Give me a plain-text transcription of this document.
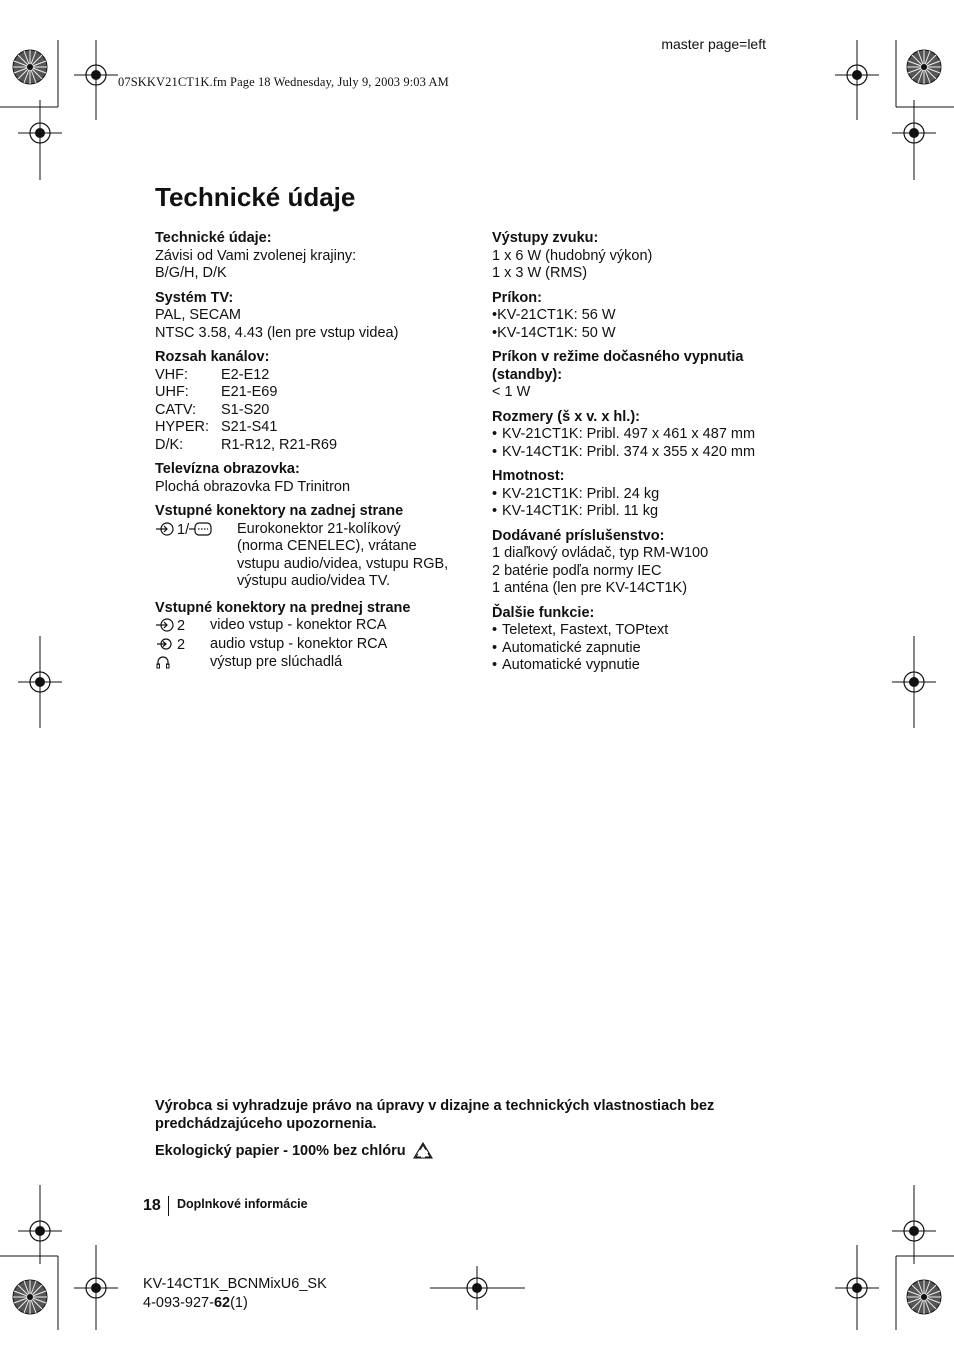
master page=left
07SKKV21CT1K.fm Page 18 Wednesday, July 9, 2003 9:03 AM
Technické údaje
Technické údaje:
Závisi od Vami zvolenej krajiny:
B/G/H, D/K
Systém TV:
PAL, SECAM
NTSC 3.58, 4.43 (len pre vstup videa)
Rozsah kanálov:
VHF:	E2-E12
UHF:	E21-E69
CATV:	S1-S20
HYPER: S21-S41
D/K:	R1-R12, R21-R69
Televízna obrazovka:
Plochá obrazovka FD Trinitron
Vstupné konektory na zadnej strane
1/	Eurokonektor 21-kolíkový
(norma CENELEC), vrátane
vstupu audio/videa, vstupu RGB,
výstupu audio/videa TV.
Vstupné konektory na prednej strane
2	video vstup - konektor RCA
2	audio vstup - konektor RCA
výstup pre slúchadlá
Výstupy zvuku:
1 x 6 W (hudobný výkon)
1 x 3 W (RMS)
Príkon:
•KV-21CT1K: 56 W
•KV-14CT1K: 50 W
Príkon v režime dočasného vypnutia
(standby):
< 1 W
Rozmery (š x v. x hl.):
• KV-21CT1K: Pribl. 497 x 461 x 487 mm
• KV-14CT1K: Pribl. 374 x 355 x 420 mm
Hmotnost:
• KV-21CT1K: Pribl. 24 kg
• KV-14CT1K: Pribl. 11 kg
Dodávané príslušenstvo:
1 diaľkový ovládač, typ RM-W100
2 batérie podľa normy IEC
1 anténa (len pre KV-14CT1K)
Ďalšie funkcie:
• Teletext, Fastext, TOPtext
• Automatické zapnutie
• Automatické vypnutie
Výrobca si vyhradzuje právo na úpravy v dizajne a technických vlastnostiach bez
predchádzajúceho upozornenia.
Ekologický papier - 100% bez chlóru
18 Doplnkové informácie
KV-14CT1K_BCNMixU6_SK
4-093-927-62(1)
